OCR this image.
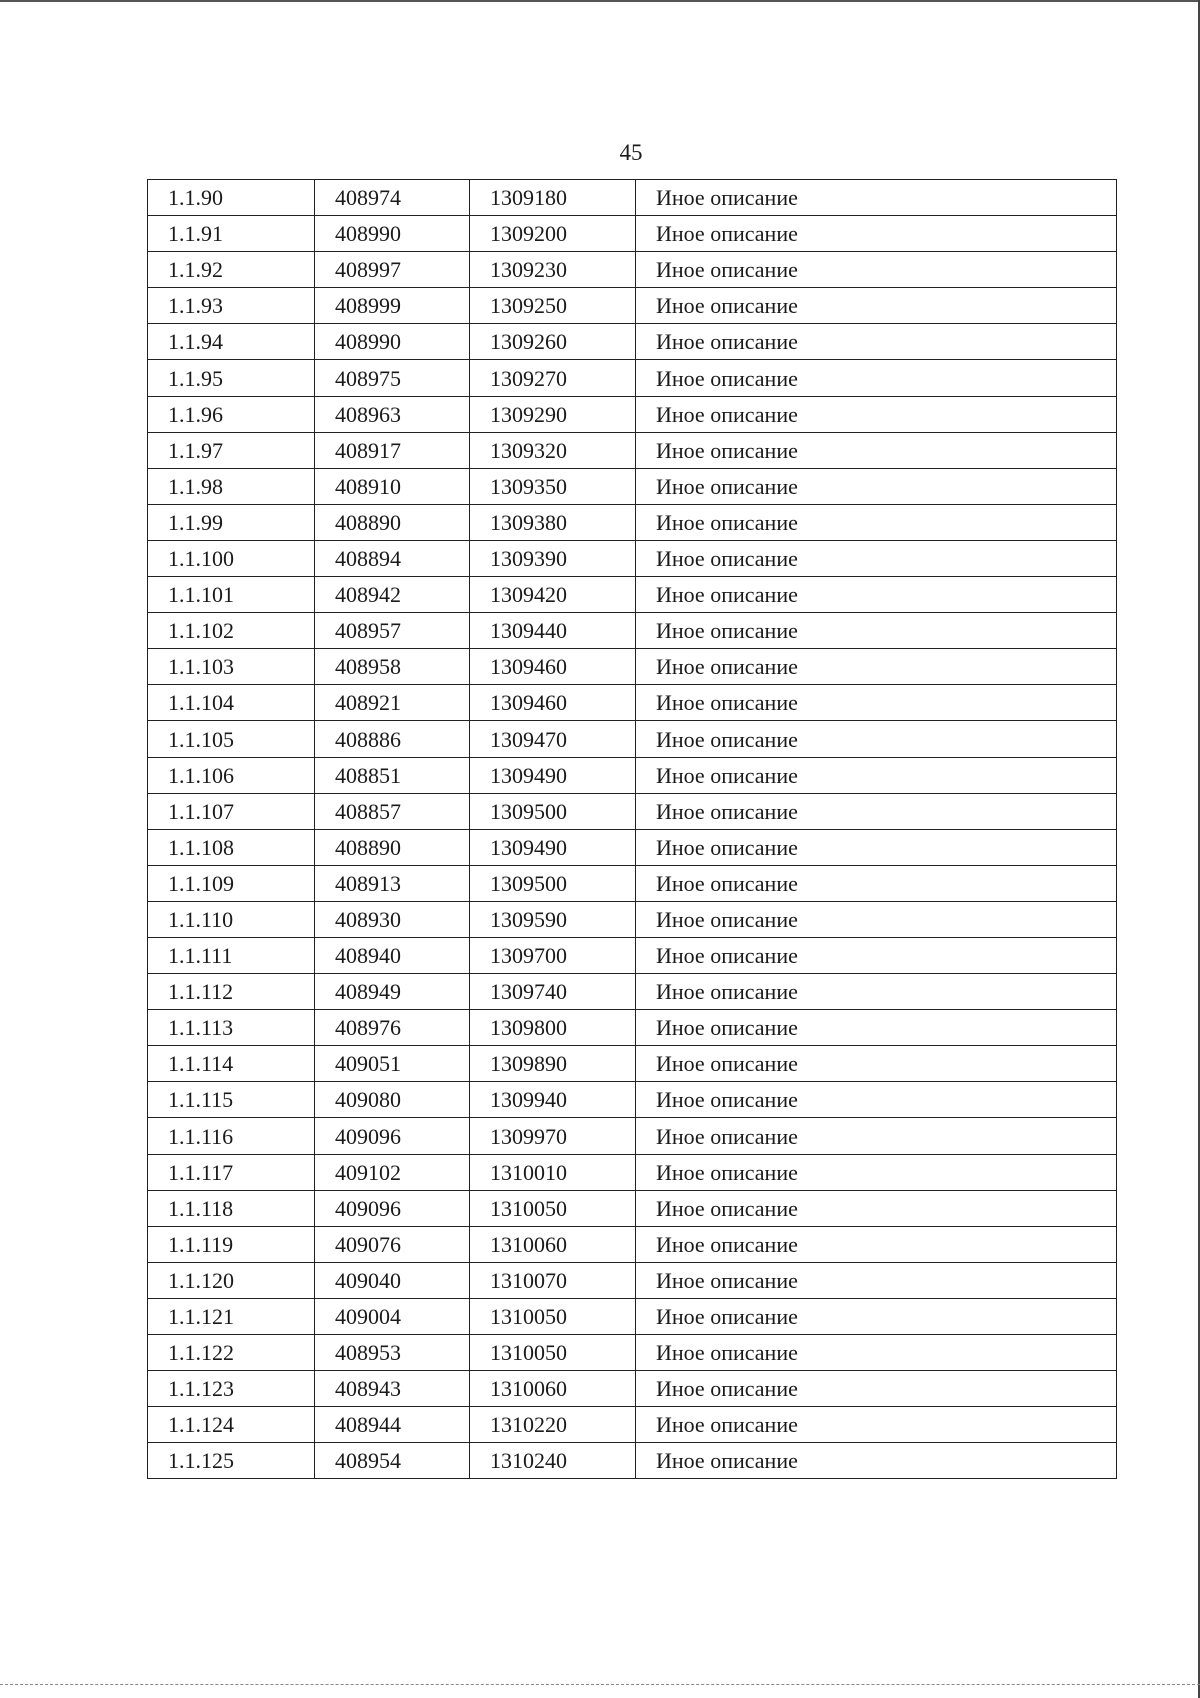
45
1.1.90	408974	1309180	Иное описание
1.1.91	408990	1309200	Иное описание
1.1.92	408997	1309230	Иное описание
1.1.93	408999	1309250	Иное описание
1.1.94	408990	1309260	Иное описание
1.1.95	408975	1309270	Иное описание
1.1.96	408963	1309290	Иное описание
1.1.97	408917	1309320	Иное описание
1.1.98	408910	1309350	Иное описание
1.1.99	408890	1309380	Иное описание
1.1.100	408894	1309390	Иное описание
1.1.101	408942	1309420	Иное описание
1.1.102	408957	1309440	Иное описание
1.1.103	408958	1309460	Иное описание
1.1.104	408921	1309460	Иное описание
1.1.105	408886	1309470	Иное описание
1.1.106	408851	1309490	Иное описание
1.1.107	408857	1309500	Иное описание
1.1.108	408890	1309490	Иное описание
1.1.109	408913	1309500	Иное описание
1.1.110	408930	1309590	Иное описание
1.1.111	408940	1309700	Иное описание
1.1.112	408949	1309740	Иное описание
1.1.113	408976	1309800	Иное описание
1.1.114	409051	1309890	Иное описание
1.1.115	409080	1309940	Иное описание
1.1.116	409096	1309970	Иное описание
1.1.117	409102	1310010	Иное описание
1.1.118	409096	1310050	Иное описание
1.1.119	409076	1310060	Иное описание
1.1.120	409040	1310070	Иное описание
1.1.121	409004	1310050	Иное описание
1.1.122	408953	1310050	Иное описание
1.1.123	408943	1310060	Иное описание
1.1.124	408944	1310220	Иное описание
1.1.125	408954	1310240	Иное описание
